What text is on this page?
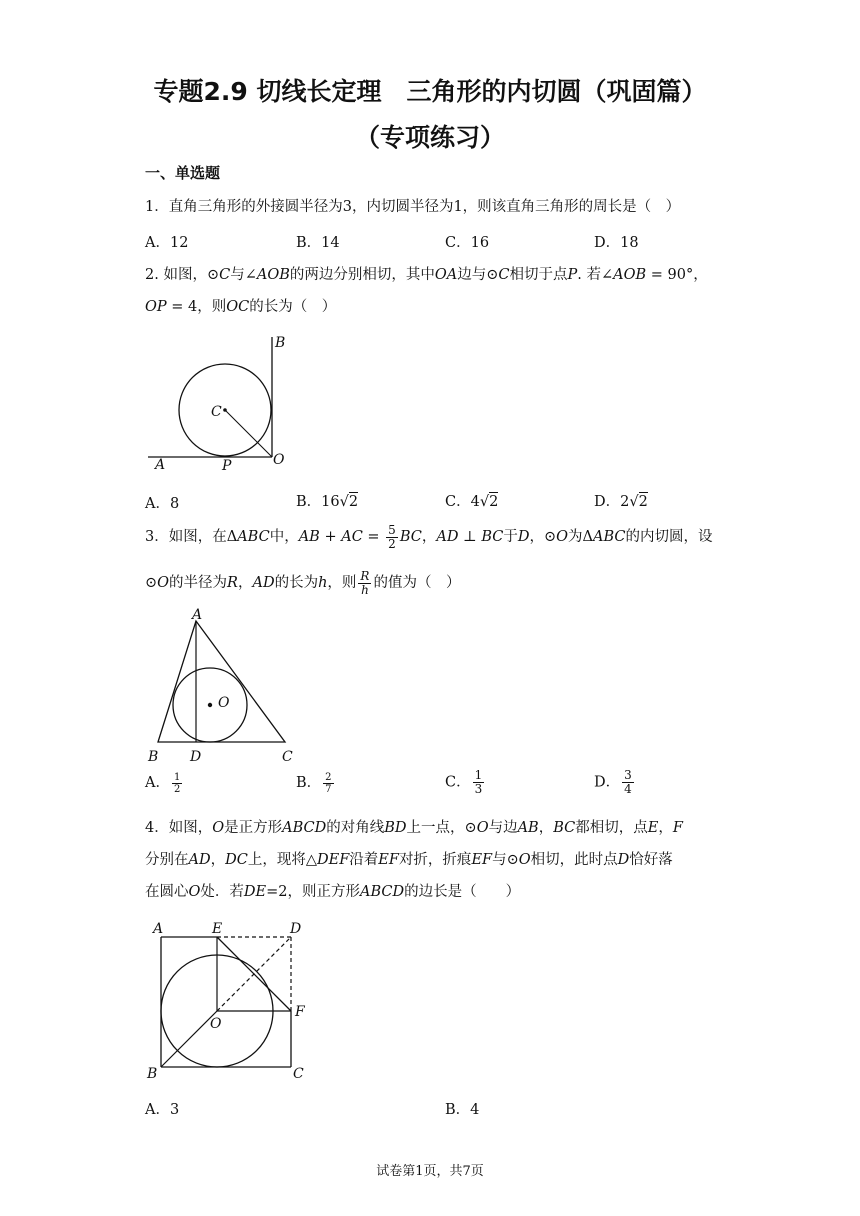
专题2.9 切线长定理　三角形的内切圆（巩固篇）
（专项练习）
一、单选题
1．直角三角形的外接圆半径为3，内切圆半径为1，则该直角三角形的周长是（　）
A．12	B．14	C．16	D．18
2. 如图，⊙C与∠AOB的两边分别相切，其中OA边与⊙C相切于点P. 若∠AOB = 90°，
OP = 4，则OC的长为（　）
B
C
A	P	O
A．8	B．16√2	C．4√2	D．2√2
3．如图，在ΔABC中，AB + AC = $\frac{5}{2}$ BC，AD ⊥ BC于D，⊙O为ΔABC的内切圆，设
⊙O的半径为R，AD的长为h，则 $\frac{R}{h}$ 的值为（　）
A
O
B D	C
A． $\frac{1}{2}$	B． $\frac{2}{7}$	C． $\frac{1}{3}$	D． $\frac{3}{4}$
4．如图，O是正方形ABCD的对角线BD上一点，⊙O与边AB，BC都相切，点E，F
分别在AD，DC上，现将△DEF沿着EF对折，折痕EF与⊙O相切，此时点D恰好落
在圆心O处．若DE=2，则正方形ABCD的边长是（　　）
A	E	D
O
F
B	C
A．3	B．4
试卷第1页，共7页
